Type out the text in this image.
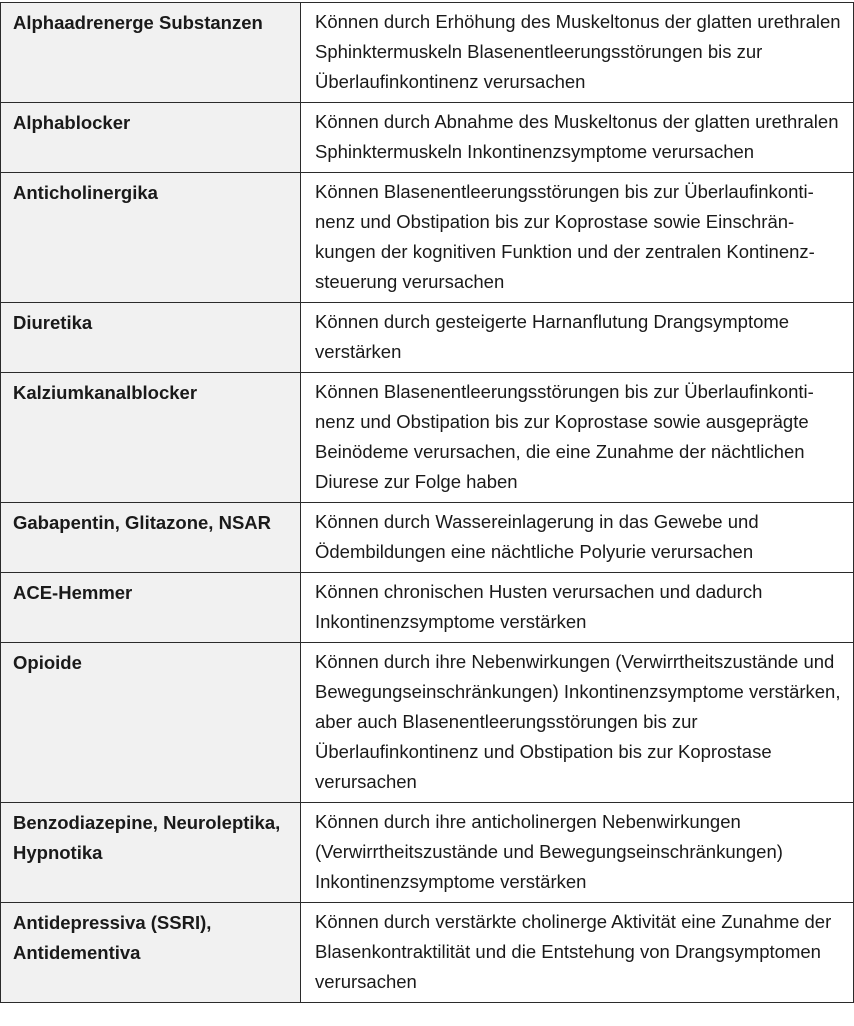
Alphaadrenerge Substanzen	Können durch Erhöhung des Muskeltonus der glatten urethralen Sphinktermuskeln Blasenentleerungsstörungen bis zur Überlaufinkontinenz verursachen
Alphablocker	Können durch Abnahme des Muskeltonus der glatten urethralen Sphinktermuskeln Inkontinenzsymptome verursachen
Anticholinergika	Können Blasenentleerungsstörungen bis zur Überlaufinkontinenz und Obstipation bis zur Koprostase sowie Einschränkungen der kognitiven Funktion und der zentralen Kontinenzsteuerung verursachen
Diuretika	Können durch gesteigerte Harnanflutung Drangsymptome verstärken
Kalziumkanalblocker	Können Blasenentleerungsstörungen bis zur Überlaufinkontinenz und Obstipation bis zur Koprostase sowie ausgeprägte Beinödeme verursachen, die eine Zunahme der nächtlichen Diurese zur Folge haben
Gabapentin, Glitazone, NSAR	Können durch Wassereinlagerung in das Gewebe und Ödembildungen eine nächtliche Polyurie verursachen
ACE-Hemmer	Können chronischen Husten verursachen und dadurch Inkontinenzsymptome verstärken
Opioide	Können durch ihre Nebenwirkungen (Verwirrtheitszustände und Bewegungseinschränkungen) Inkontinenzsymptome verstärken, aber auch Blasenentleerungsstörungen bis zur Überlaufinkontinenz und Obstipation bis zur Koprostase verursachen
Benzodiazepine, Neuroleptika, Hypnotika	Können durch ihre anticholinergen Nebenwirkungen (Verwirrtheitszustände und Bewegungseinschränkungen) Inkontinenzsymptome verstärken
Antidepressiva (SSRI), Antidementiva	Können durch verstärkte cholinerge Aktivität eine Zunahme der Blasenkontraktilität und die Entstehung von Drangsymptomen verursachen
